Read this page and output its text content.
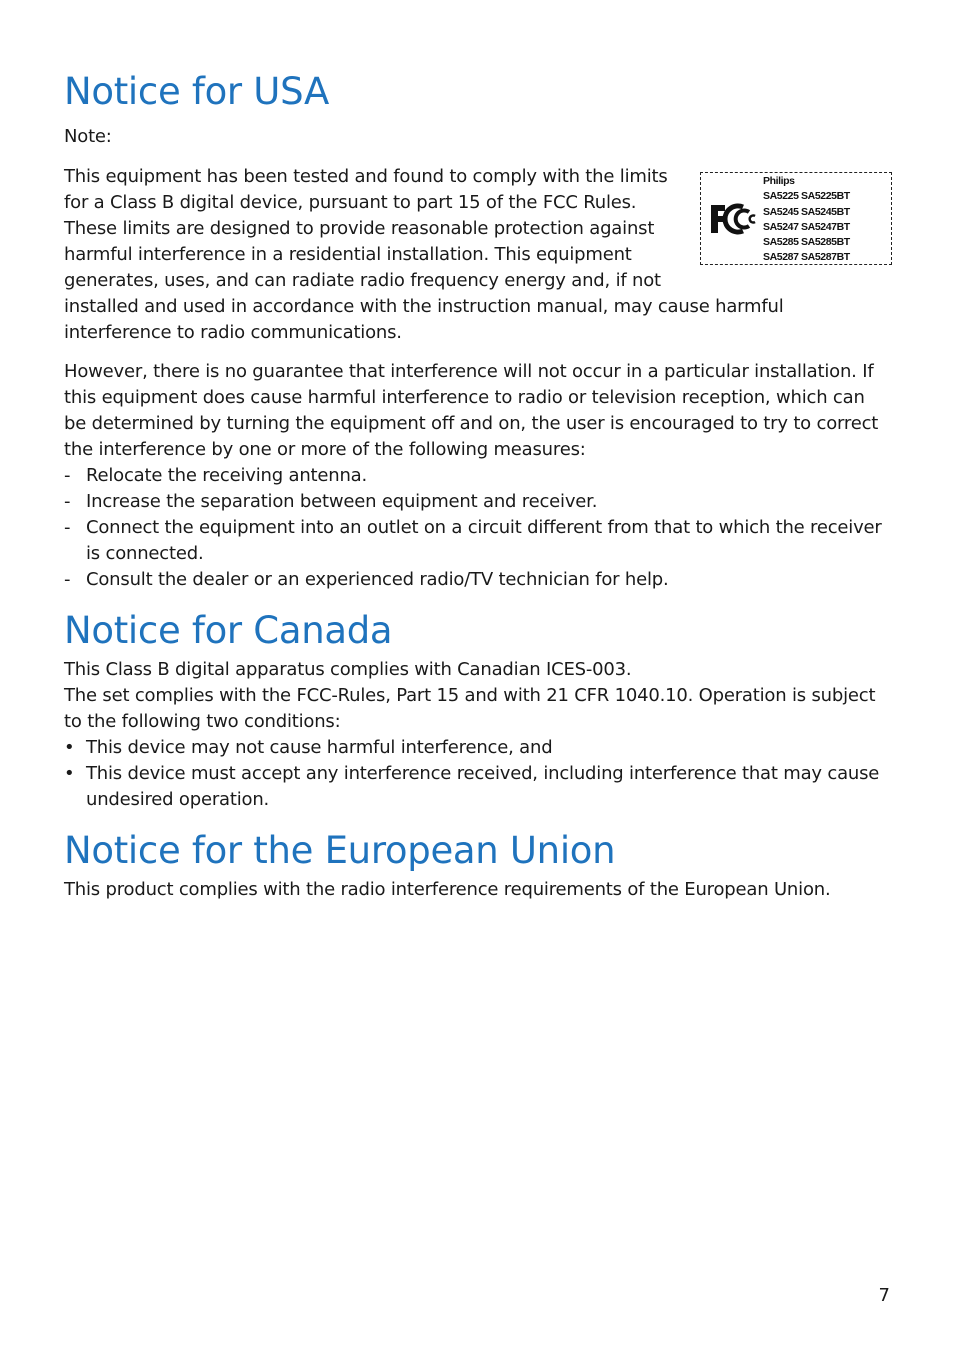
Notice for USA

Note:

Philips
SA5225 SA5225BT
SA5245 SA5245BT
SA5247 SA5247BT
SA5285 SA5285BT
SA5287 SA5287BT

This equipment has been tested and found to comply with the limits for a Class B digital device, pursuant to part 15 of the FCC Rules. These limits are designed to provide reasonable protection against harmful interference in a residential installation. This equipment generates, uses, and can radiate radio frequency energy and, if not installed and used in accordance with the instruction manual, may cause harmful interference to radio communications.

However, there is no guarantee that interference will not occur in a particular installation. If this equipment does cause harmful interference to radio or television reception, which can be determined by turning the equipment off and on, the user is encouraged to try to correct the interference by one or more of the following measures:

- Relocate the receiving antenna.
- Increase the separation between equipment and receiver.
- Connect the equipment into an outlet on a circuit different from that to which the receiver is connected.
- Consult the dealer or an experienced radio/TV technician for help.
Notice for Canada

This Class B digital apparatus complies with Canadian ICES-003.

The set complies with the FCC-Rules, Part 15 and with 21 CFR 1040.10. Operation is subject to the following two conditions:

• This device may not cause harmful interference, and
• This device must accept any interference received, including interference that may cause undesired operation.
Notice for the European Union

This product complies with the radio interference requirements of the European Union.

7
